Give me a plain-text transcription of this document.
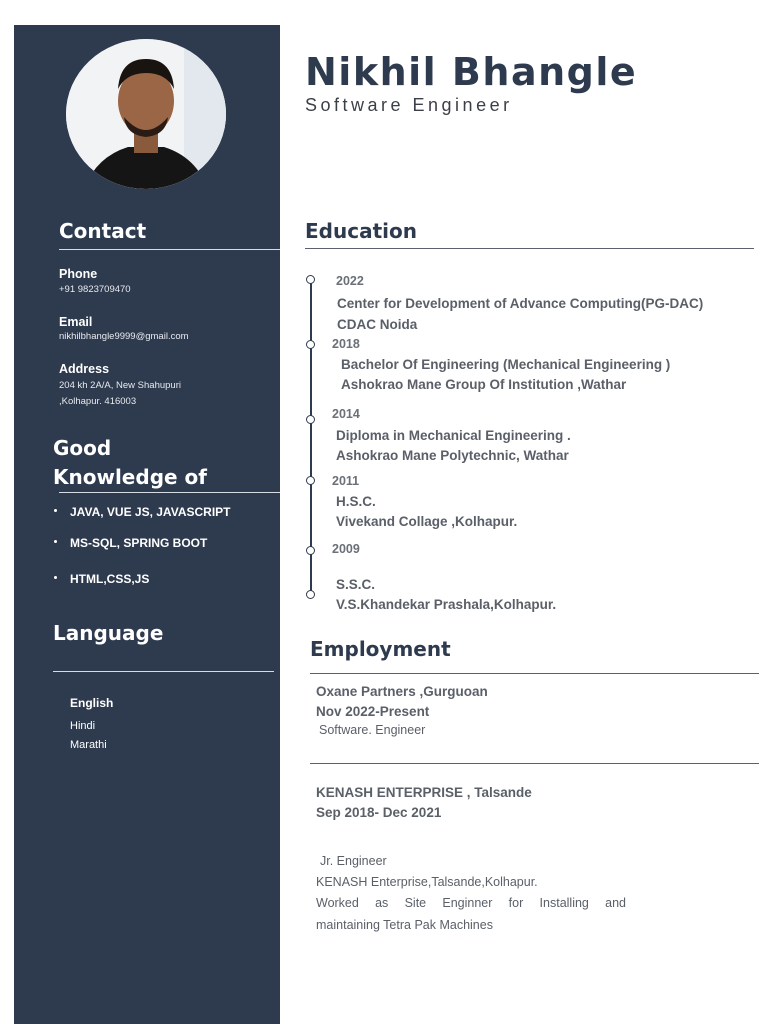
Contact
Phone
+91 9823709470
Email
nikhilbhangle9999@gmail.com
Address
204 kh 2A/A, New Shahupuri
,Kolhapur. 416003
Good
Knowledge of
JAVA, VUE JS, JAVASCRIPT
MS-SQL, SPRING BOOT
HTML,CSS,JS
Language
English
Hindi
Marathi
Nikhil Bhangle
Software Engineer
Education
2022
Center for Development of Advance Computing(PG-DAC)
CDAC Noida
2018
Bachelor Of Engineering (Mechanical Engineering )
Ashokrao Mane Group Of Institution ,Wathar
2014
Diploma in Mechanical Engineering .
Ashokrao Mane Polytechnic, Wathar
2011
H.S.C.
Vivekand Collage ,Kolhapur.
2009
S.S.C.
V.S.Khandekar Prashala,Kolhapur.
Employment
Oxane Partners ,Gurguoan
Nov 2022-Present
Software. Engineer
KENASH ENTERPRISE , Talsande
Sep 2018- Dec 2021
Jr. Engineer
KENASH Enterprise,Talsande,Kolhapur.
Worked as Site Enginner for Installing and
maintaining Tetra Pak Machines
